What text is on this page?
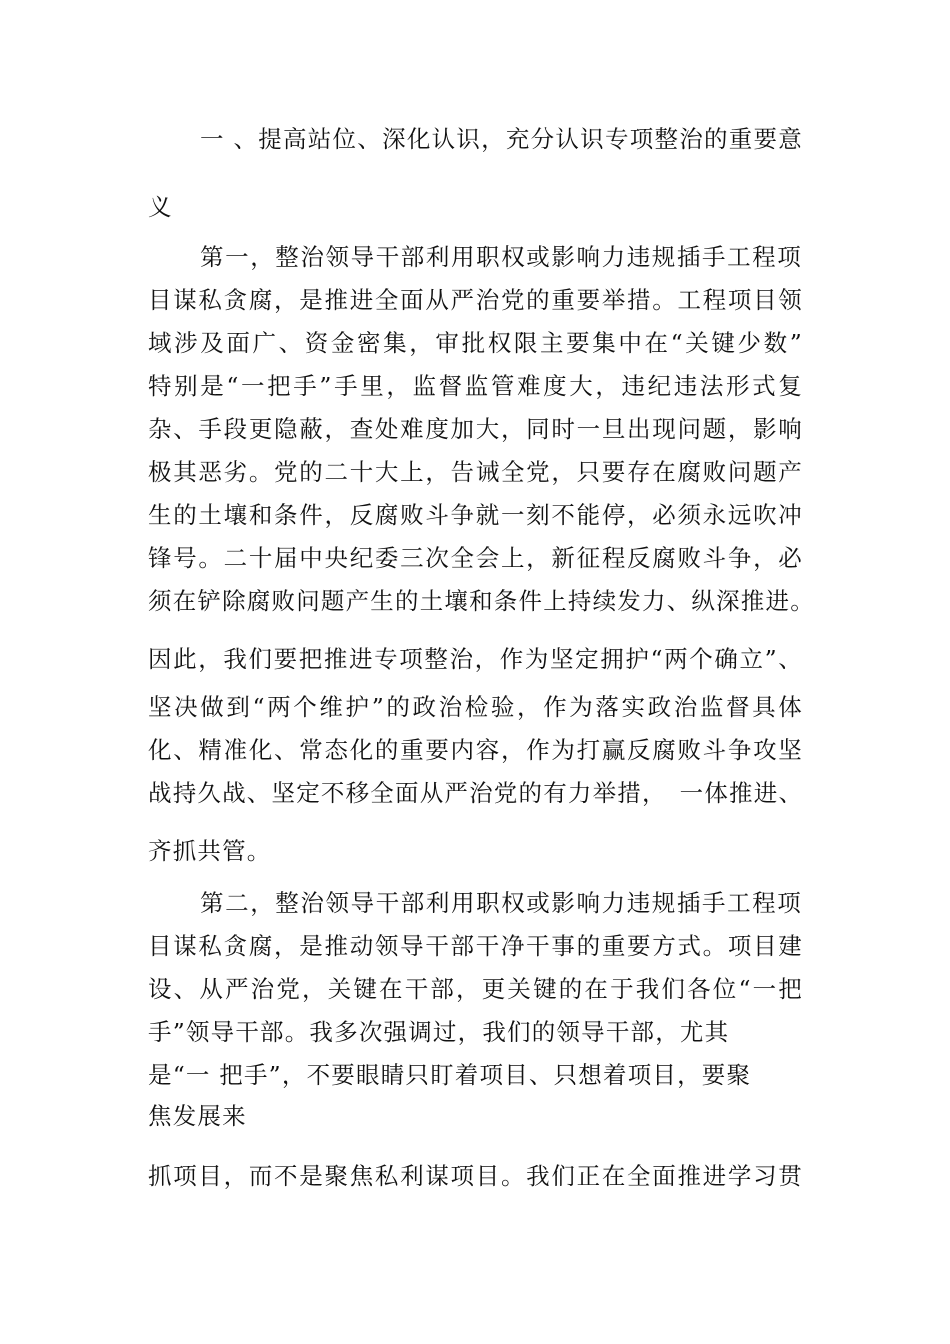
一 、提高站位、深化认识，充分认识专项整治的重要意
义
第一，整治领导干部利用职权或影响力违规插手工程项
目谋私贪腐，是推进全面从严治党的重要举措。工程项目领
域涉及面广、资金密集，审批权限主要集中在“关键少数”
特别是“一把手”手里，监督监管难度大，违纪违法形式复
杂、手段更隐蔽，查处难度加大，同时一旦出现问题，影响
极其恶劣。党的二十大上，告诫全党，只要存在腐败问题产
生的土壤和条件，反腐败斗争就一刻不能停，必须永远吹冲
锋号。二十届中央纪委三次全会上，新征程反腐败斗争，必
须在铲除腐败问题产生的土壤和条件上持续发力、纵深推进。
因此，我们要把推进专项整治，作为坚定拥护“两个确立”、
坚决做到“两个维护”的政治检验，作为落实政治监督具体
化、精准化、常态化的重要内容，作为打赢反腐败斗争攻坚
战持久战、坚定不移全面从严治党的有力举措，　一体推进、
齐抓共管。
第二，整治领导干部利用职权或影响力违规插手工程项
目谋私贪腐，是推动领导干部干净干事的重要方式。项目建
设、从严治党，关键在干部，更关键的在于我们各位“一把
手”领导干部。我多次强调过，我们的领导干部，尤其
是“一 把手”，不要眼睛只盯着项目、只想着项目，要聚
焦发展来
抓项目，而不是聚焦私利谋项目。我们正在全面推进学习贯
